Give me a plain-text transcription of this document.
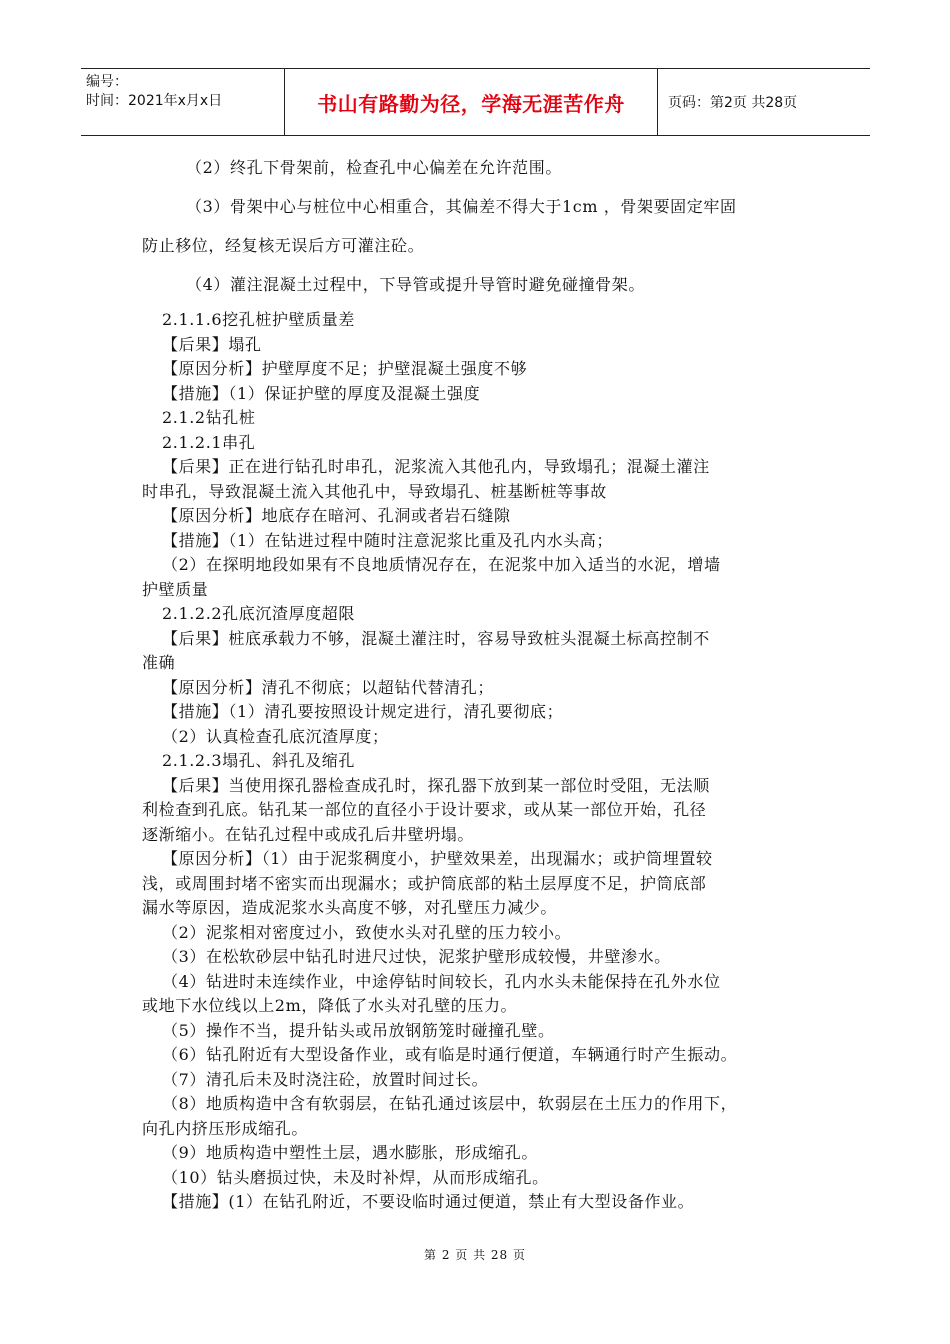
编号：
时间：2021年x月x日	书山有路勤为径，学海无涯苦作舟	页码：第2页 共28页

（2）终孔下骨架前，检查孔中心偏差在允许范围。

（3）骨架中心与桩位中心相重合，其偏差不得大于1cm ，骨架要固定牢固

防止移位，经复核无误后方可灌注砼。

（4）灌注混凝土过程中，下导管或提升导管时避免碰撞骨架。

2.1.1.6挖孔桩护壁质量差

【后果】塌孔

【原因分析】护壁厚度不足；护壁混凝土强度不够

【措施】（1）保证护壁的厚度及混凝土强度

2.1.2钻孔桩

2.1.2.1串孔

【后果】正在进行钻孔时串孔，泥浆流入其他孔内，导致塌孔；混凝土灌注

时串孔，导致混凝土流入其他孔中，导致塌孔、桩基断桩等事故

【原因分析】地底存在暗河、孔洞或者岩石缝隙

【措施】（1）在钻进过程中随时注意泥浆比重及孔内水头高；

（2）在探明地段如果有不良地质情况存在，在泥浆中加入适当的水泥，增墙

护壁质量

2.1.2.2孔底沉渣厚度超限

【后果】桩底承载力不够，混凝土灌注时，容易导致桩头混凝土标高控制不

准确

【原因分析】清孔不彻底；以超钻代替清孔；

【措施】（1）清孔要按照设计规定进行，清孔要彻底；

（2）认真检查孔底沉渣厚度；

2.1.2.3塌孔、斜孔及缩孔

【后果】当使用探孔器检查成孔时，探孔器下放到某一部位时受阻，无法顺

利检查到孔底。钻孔某一部位的直径小于设计要求，或从某一部位开始，孔径

逐渐缩小。在钻孔过程中或成孔后井壁坍塌。

【原因分析】（1）由于泥浆稠度小，护壁效果差，出现漏水；或护筒埋置较

浅，或周围封堵不密实而出现漏水；或护筒底部的粘土层厚度不足，护筒底部

漏水等原因，造成泥浆水头高度不够，对孔壁压力减少。

（2）泥浆相对密度过小，致使水头对孔壁的压力较小。

（3）在松软砂层中钻孔时进尺过快，泥浆护壁形成较慢，井壁渗水。

（4）钻进时未连续作业，中途停钻时间较长，孔内水头未能保持在孔外水位

或地下水位线以上2m，降低了水头对孔壁的压力。

（5）操作不当，提升钻头或吊放钢筋笼时碰撞孔壁。

（6）钻孔附近有大型设备作业，或有临是时通行便道，车辆通行时产生振动。

（7）清孔后未及时浇注砼，放置时间过长。

（8）地质构造中含有软弱层，在钻孔通过该层中，软弱层在土压力的作用下，

向孔内挤压形成缩孔。

（9）地质构造中塑性土层，遇水膨胀，形成缩孔。

（10）钻头磨损过快，未及时补焊，从而形成缩孔。

【措施】(1）在钻孔附近，不要设临时通过便道，禁止有大型设备作业。

第 2 页 共 28 页
